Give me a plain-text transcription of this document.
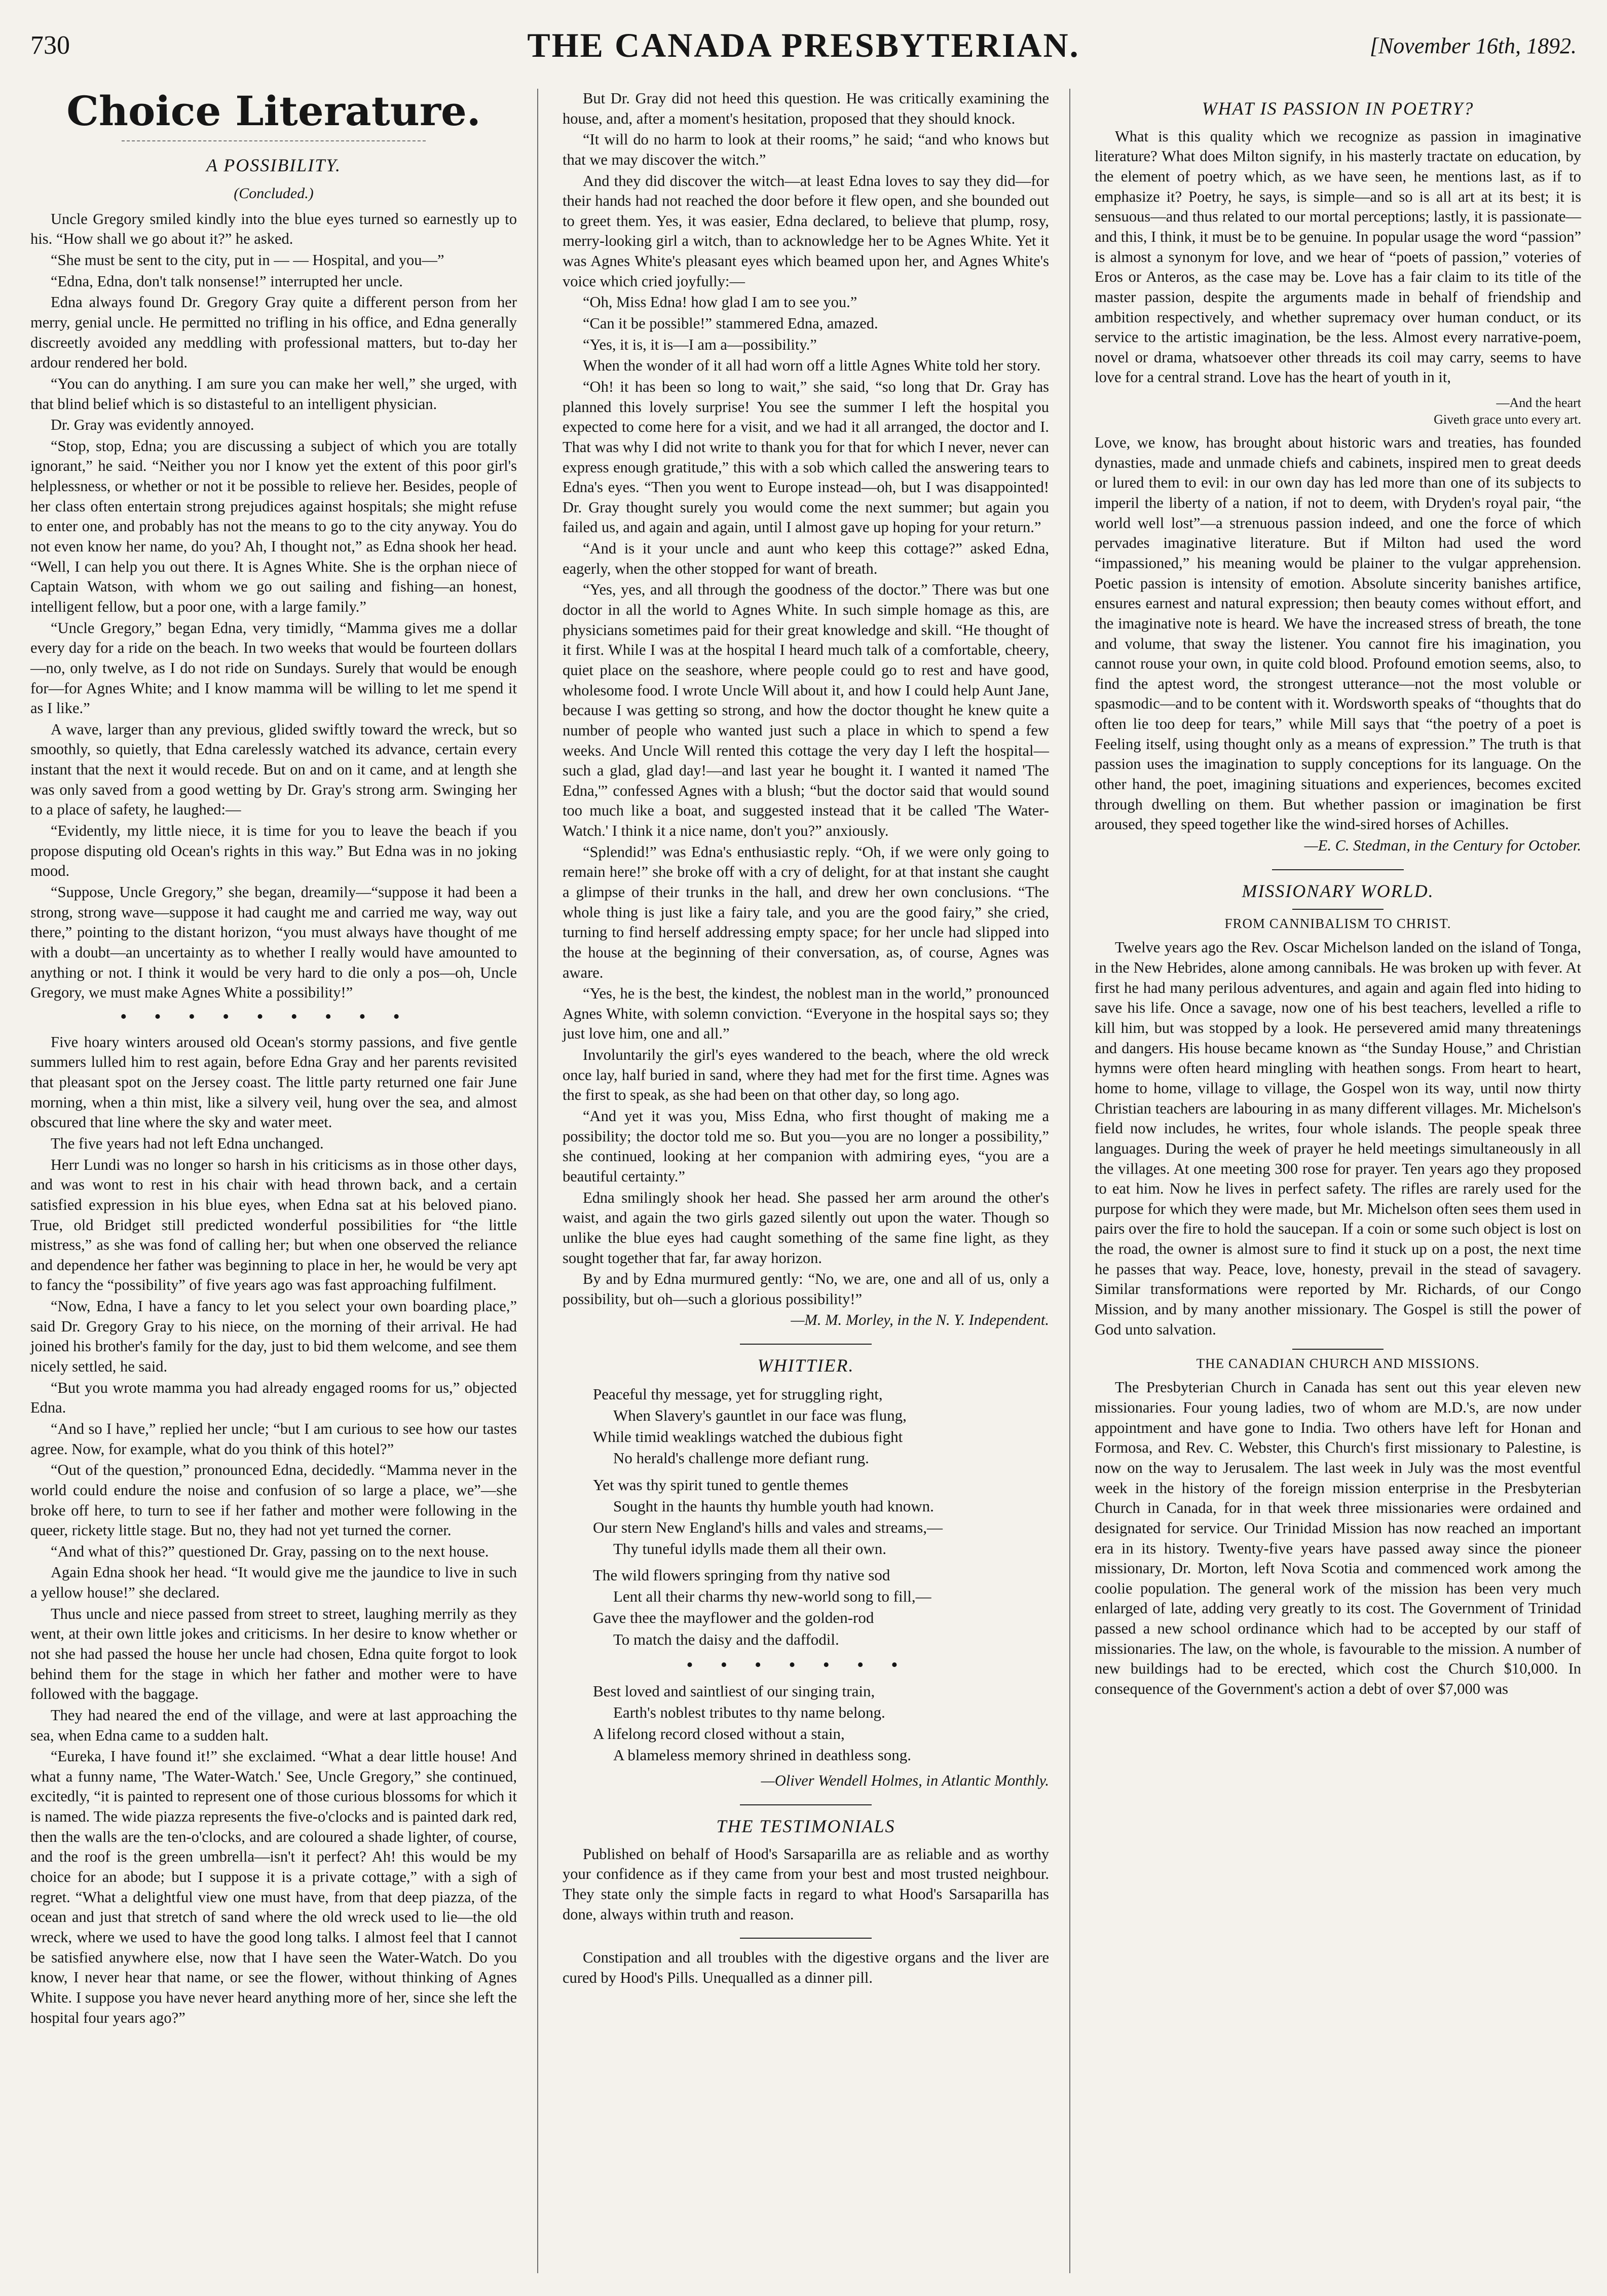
730	THE CANADA PRESBYTERIAN.	[November 16th, 1892.
Choice Literature.
A POSSIBILITY.
(Concluded.)

Uncle Gregory smiled kindly into the blue eyes turned so earnestly up to his. “How shall we go about it?” he asked.

“She must be sent to the city, put in — — Hospital, and you—”

“Edna, Edna, don't talk nonsense!” interrupted her uncle.

Edna always found Dr. Gregory Gray quite a different person from her merry, genial uncle. He permitted no trifling in his office, and Edna generally discreetly avoided any meddling with professional matters, but to-day her ardour rendered her bold.

“You can do anything. I am sure you can make her well,” she urged, with that blind belief which is so distasteful to an intelligent physician.

Dr. Gray was evidently annoyed.

“Stop, stop, Edna; you are discussing a subject of which you are totally ignorant,” he said. “Neither you nor I know yet the extent of this poor girl's helplessness, or whether or not it be possible to relieve her. Besides, people of her class often entertain strong prejudices against hospitals; she might refuse to enter one, and probably has not the means to go to the city anyway. You do not even know her name, do you? Ah, I thought not,” as Edna shook her head. “Well, I can help you out there. It is Agnes White. She is the orphan niece of Captain Watson, with whom we go out sailing and fishing—an honest, intelligent fellow, but a poor one, with a large family.”

“Uncle Gregory,” began Edna, very timidly, “Mamma gives me a dollar every day for a ride on the beach. In two weeks that would be fourteen dollars—no, only twelve, as I do not ride on Sundays. Surely that would be enough for—for Agnes White; and I know mamma will be willing to let me spend it as I like.”

A wave, larger than any previous, glided swiftly toward the wreck, but so smoothly, so quietly, that Edna carelessly watched its advance, certain every instant that the next it would recede. But on and on it came, and at length she was only saved from a good wetting by Dr. Gray's strong arm. Swinging her to a place of safety, he laughed:—

“Evidently, my little niece, it is time for you to leave the beach if you propose disputing old Ocean's rights in this way.” But Edna was in no joking mood.

“Suppose, Uncle Gregory,” she began, dreamily—“suppose it had been a strong, strong wave—suppose it had caught me and carried me way, way out there,” pointing to the distant horizon, “you must always have thought of me with a doubt—an uncertainty as to whether I really would have amounted to anything or not. I think it would be very hard to die only a pos—oh, Uncle Gregory, we must make Agnes White a possibility!”

•••••••••

Five hoary winters aroused old Ocean's stormy passions, and five gentle summers lulled him to rest again, before Edna Gray and her parents revisited that pleasant spot on the Jersey coast. The little party returned one fair June morning, when a thin mist, like a silvery veil, hung over the sea, and almost obscured that line where the sky and water meet.

The five years had not left Edna unchanged.

Herr Lundi was no longer so harsh in his criticisms as in those other days, and was wont to rest in his chair with head thrown back, and a certain satisfied expression in his blue eyes, when Edna sat at his beloved piano. True, old Bridget still predicted wonderful possibilities for “the little mistress,” as she was fond of calling her; but when one observed the reliance and dependence her father was beginning to place in her, he would be very apt to fancy the “possibility” of five years ago was fast approaching fulfilment.

“Now, Edna, I have a fancy to let you select your own boarding place,” said Dr. Gregory Gray to his niece, on the morning of their arrival. He had joined his brother's family for the day, just to bid them welcome, and see them nicely settled, he said.

“But you wrote mamma you had already engaged rooms for us,” objected Edna.

“And so I have,” replied her uncle; “but I am curious to see how our tastes agree. Now, for example, what do you think of this hotel?”

“Out of the question,” pronounced Edna, decidedly. “Mamma never in the world could endure the noise and confusion of so large a place, we”—she broke off here, to turn to see if her father and mother were following in the queer, rickety little stage. But no, they had not yet turned the corner.

“And what of this?” questioned Dr. Gray, passing on to the next house.

Again Edna shook her head. “It would give me the jaundice to live in such a yellow house!” she declared.

Thus uncle and niece passed from street to street, laughing merrily as they went, at their own little jokes and criticisms. In her desire to know whether or not she had passed the house her uncle had chosen, Edna quite forgot to look behind them for the stage in which her father and mother were to have followed with the baggage.

They had neared the end of the village, and were at last approaching the sea, when Edna came to a sudden halt.

“Eureka, I have found it!” she exclaimed. “What a dear little house! And what a funny name, 'The Water-Watch.' See, Uncle Gregory,” she continued, excitedly, “it is painted to represent one of those curious blossoms for which it is named. The wide piazza represents the five-o'clocks and is painted dark red, then the walls are the ten-o'clocks, and are coloured a shade lighter, of course, and the roof is the green umbrella—isn't it perfect? Ah! this would be my choice for an abode; but I suppose it is a private cottage,” with a sigh of regret. “What a delightful view one must have, from that deep piazza, of the ocean and just that stretch of sand where the old wreck used to lie—the old wreck, where we used to have the good long talks. I almost feel that I cannot be satisfied anywhere else, now that I have seen the Water-Watch. Do you know, I never hear that name, or see the flower, without thinking of Agnes White. I suppose you have never heard anything more of her, since she left the hospital four years ago?”

But Dr. Gray did not heed this question. He was critically examining the house, and, after a moment's hesitation, proposed that they should knock.

“It will do no harm to look at their rooms,” he said; “and who knows but that we may discover the witch.”

And they did discover the witch—at least Edna loves to say they did—for their hands had not reached the door before it flew open, and she bounded out to greet them. Yes, it was easier, Edna declared, to believe that plump, rosy, merry-looking girl a witch, than to acknowledge her to be Agnes White. Yet it was Agnes White's pleasant eyes which beamed upon her, and Agnes White's voice which cried joyfully:—

“Oh, Miss Edna! how glad I am to see you.”

“Can it be possible!” stammered Edna, amazed.

“Yes, it is, it is—I am a—possibility.”

When the wonder of it all had worn off a little Agnes White told her story.

“Oh! it has been so long to wait,” she said, “so long that Dr. Gray has planned this lovely surprise! You see the summer I left the hospital you expected to come here for a visit, and we had it all arranged, the doctor and I. That was why I did not write to thank you for that for which I never, never can express enough gratitude,” this with a sob which called the answering tears to Edna's eyes. “Then you went to Europe instead—oh, but I was disappointed! Dr. Gray thought surely you would come the next summer; but again you failed us, and again and again, until I almost gave up hoping for your return.”

“And is it your uncle and aunt who keep this cottage?” asked Edna, eagerly, when the other stopped for want of breath.

“Yes, yes, and all through the goodness of the doctor.” There was but one doctor in all the world to Agnes White. In such simple homage as this, are physicians sometimes paid for their great knowledge and skill. “He thought of it first. While I was at the hospital I heard much talk of a comfortable, cheery, quiet place on the seashore, where people could go to rest and have good, wholesome food. I wrote Uncle Will about it, and how I could help Aunt Jane, because I was getting so strong, and how the doctor thought he knew quite a number of people who wanted just such a place in which to spend a few weeks. And Uncle Will rented this cottage the very day I left the hospital—such a glad, glad day!—and last year he bought it. I wanted it named 'The Edna,'” confessed Agnes with a blush; “but the doctor said that would sound too much like a boat, and suggested instead that it be called 'The Water-Watch.' I think it a nice name, don't you?” anxiously.

“Splendid!” was Edna's enthusiastic reply. “Oh, if we were only going to remain here!” she broke off with a cry of delight, for at that instant she caught a glimpse of their trunks in the hall, and drew her own conclusions. “The whole thing is just like a fairy tale, and you are the good fairy,” she cried, turning to find herself addressing empty space; for her uncle had slipped into the house at the beginning of their conversation, as, of course, Agnes was aware.

“Yes, he is the best, the kindest, the noblest man in the world,” pronounced Agnes White, with solemn conviction. “Everyone in the hospital says so; they just love him, one and all.”

Involuntarily the girl's eyes wandered to the beach, where the old wreck once lay, half buried in sand, where they had met for the first time. Agnes was the first to speak, as she had been on that other day, so long ago.

“And yet it was you, Miss Edna, who first thought of making me a possibility; the doctor told me so. But you—you are no longer a possibility,” she continued, looking at her companion with admiring eyes, “you are a beautiful certainty.”

Edna smilingly shook her head. She passed her arm around the other's waist, and again the two girls gazed silently out upon the water. Though so unlike the blue eyes had caught something of the same fine light, as they sought together that far, far away horizon.

By and by Edna murmured gently: “No, we are, one and all of us, only a possibility, but oh—such a glorious possibility!”

—M. M. Morley, in the N. Y. Independent.
WHITTIER.
Peaceful thy message, yet for struggling right,
When Slavery's gauntlet in our face was flung,
While timid weaklings watched the dubious fight
No herald's challenge more defiant rung.
Yet was thy spirit tuned to gentle themes
Sought in the haunts thy humble youth had known.
Our stern New England's hills and vales and streams,—
Thy tuneful idylls made them all their own.
The wild flowers springing from thy native sod
Lent all their charms thy new-world song to fill,—
Gave thee the mayflower and the golden-rod
To match the daisy and the daffodil.
•••••••
Best loved and saintliest of our singing train,
Earth's noblest tributes to thy name belong.
A lifelong record closed without a stain,
A blameless memory shrined in deathless song.
—Oliver Wendell Holmes, in Atlantic Monthly.
THE TESTIMONIALS

Published on behalf of Hood's Sarsaparilla are as reliable and as worthy your confidence as if they came from your best and most trusted neighbour. They state only the simple facts in regard to what Hood's Sarsaparilla has done, always within truth and reason.

Constipation and all troubles with the digestive organs and the liver are cured by Hood's Pills. Unequalled as a dinner pill.

WHAT IS PASSION IN POETRY?

What is this quality which we recognize as passion in imaginative literature? What does Milton signify, in his masterly tractate on education, by the element of poetry which, as we have seen, he mentions last, as if to emphasize it? Poetry, he says, is simple—and so is all art at its best; it is sensuous—and thus related to our mortal perceptions; lastly, it is passionate—and this, I think, it must be to be genuine. In popular usage the word “passion” is almost a synonym for love, and we hear of “poets of passion,” voteries of Eros or Anteros, as the case may be. Love has a fair claim to its title of the master passion, despite the arguments made in behalf of friendship and ambition respectively, and whether supremacy over human conduct, or its service to the artistic imagination, be the less. Almost every narrative-poem, novel or drama, whatsoever other threads its coil may carry, seems to have love for a central strand. Love has the heart of youth in it,

—And the heart
Giveth grace unto every art.

Love, we know, has brought about historic wars and treaties, has founded dynasties, made and unmade chiefs and cabinets, inspired men to great deeds or lured them to evil: in our own day has led more than one of its subjects to imperil the liberty of a nation, if not to deem, with Dryden's royal pair, “the world well lost”—a strenuous passion indeed, and one the force of which pervades imaginative literature. But if Milton had used the word “impassioned,” his meaning would be plainer to the vulgar apprehension. Poetic passion is intensity of emotion. Absolute sincerity banishes artifice, ensures earnest and natural expression; then beauty comes without effort, and the imaginative note is heard. We have the increased stress of breath, the tone and volume, that sway the listener. You cannot fire his imagination, you cannot rouse your own, in quite cold blood. Profound emotion seems, also, to find the aptest word, the strongest utterance—not the most voluble or spasmodic—and to be content with it. Wordsworth speaks of “thoughts that do often lie too deep for tears,” while Mill says that “the poetry of a poet is Feeling itself, using thought only as a means of expression.” The truth is that passion uses the imagination to supply conceptions for its language. On the other hand, the poet, imagining situations and experiences, becomes excited through dwelling on them. But whether passion or imagination be first aroused, they speed together like the wind-sired horses of Achilles.

—E. C. Stedman, in the Century for October.
MISSIONARY WORLD.
FROM CANNIBALISM TO CHRIST.

Twelve years ago the Rev. Oscar Michelson landed on the island of Tonga, in the New Hebrides, alone among cannibals. He was broken up with fever. At first he had many perilous adventures, and again and again fled into hiding to save his life. Once a savage, now one of his best teachers, levelled a rifle to kill him, but was stopped by a look. He persevered amid many threatenings and dangers. His house became known as “the Sunday House,” and Christian hymns were often heard mingling with heathen songs. From heart to heart, home to home, village to village, the Gospel won its way, until now thirty Christian teachers are labouring in as many different villages. Mr. Michelson's field now includes, he writes, four whole islands. The people speak three languages. During the week of prayer he held meetings simultaneously in all the villages. At one meeting 300 rose for prayer. Ten years ago they proposed to eat him. Now he lives in perfect safety. The rifles are rarely used for the purpose for which they were made, but Mr. Michelson often sees them used in pairs over the fire to hold the saucepan. If a coin or some such object is lost on the road, the owner is almost sure to find it stuck up on a post, the next time he passes that way. Peace, love, honesty, prevail in the stead of savagery. Similar transformations were reported by Mr. Richards, of our Congo Mission, and by many another missionary. The Gospel is still the power of God unto salvation.

THE CANADIAN CHURCH AND MISSIONS.

The Presbyterian Church in Canada has sent out this year eleven new missionaries. Four young ladies, two of whom are M.D.'s, are now under appointment and have gone to India. Two others have left for Honan and Formosa, and Rev. C. Webster, this Church's first missionary to Palestine, is now on the way to Jerusalem. The last week in July was the most eventful week in the history of the foreign mission enterprise in the Presbyterian Church in Canada, for in that week three missionaries were ordained and designated for service. Our Trinidad Mission has now reached an important era in its history. Twenty-five years have passed away since the pioneer missionary, Dr. Morton, left Nova Scotia and commenced work among the coolie population. The general work of the mission has been very much enlarged of late, adding very greatly to its cost. The Government of Trinidad passed a new school ordinance which had to be accepted by our staff of missionaries. The law, on the whole, is favourable to the mission. A number of new buildings had to be erected, which cost the Church $10,000. In consequence of the Government's action a debt of over $7,000 was
